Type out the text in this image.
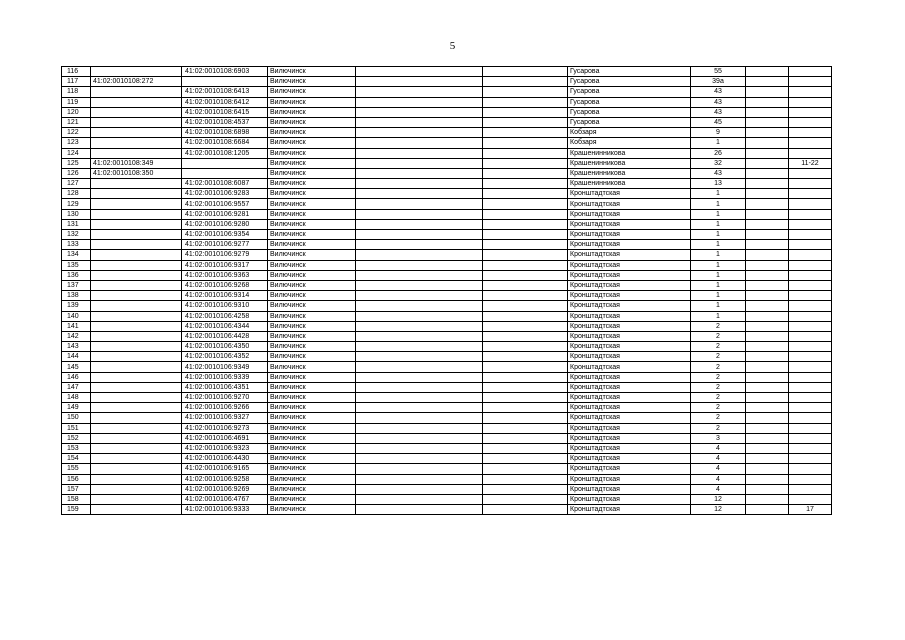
5
116		41:02:0010108:6903	Вилючинск			Гусарова	55		
117	41:02:0010108:272		Вилючинск			Гусарова	39а		
118		41:02:0010108:6413	Вилючинск			Гусарова	43		
119		41:02:0010108:6412	Вилючинск			Гусарова	43		
120		41:02:0010108:6415	Вилючинск			Гусарова	43		
121		41:02:0010108:4537	Вилючинск			Гусарова	45		
122		41:02:0010108:6898	Вилючинск			Кобзаря	9		
123		41:02:0010108:6684	Вилючинск			Кобзаря	1		
124		41:02:0010108:1205	Вилючинск			Крашенинникова	26		
125	41:02:0010108:349		Вилючинск			Крашенинникова	32		11-22
126	41:02:0010108:350		Вилючинск			Крашенинникова	43		
127		41:02:0010108:6087	Вилючинск			Крашенинникова	13		
128		41:02:0010106:9283	Вилючинск			Кронштадтская	1		
129		41:02:0010106:9557	Вилючинск			Кронштадтская	1		
130		41:02:0010106:9281	Вилючинск			Кронштадтская	1		
131		41:02:0010106:9280	Вилючинск			Кронштадтская	1		
132		41:02:0010106:9354	Вилючинск			Кронштадтская	1		
133		41:02:0010106:9277	Вилючинск			Кронштадтская	1		
134		41:02:0010106:9279	Вилючинск			Кронштадтская	1		
135		41:02:0010106:9317	Вилючинск			Кронштадтская	1		
136		41:02:0010106:9363	Вилючинск			Кронштадтская	1		
137		41:02:0010106:9268	Вилючинск			Кронштадтская	1		
138		41:02:0010106:9314	Вилючинск			Кронштадтская	1		
139		41:02:0010106:9310	Вилючинск			Кронштадтская	1		
140		41:02:0010106:4258	Вилючинск			Кронштадтская	1		
141		41:02:0010106:4344	Вилючинск			Кронштадтская	2		
142		41:02:0010106:4428	Вилючинск			Кронштадтская	2		
143		41:02:0010106:4350	Вилючинск			Кронштадтская	2		
144		41:02:0010106:4352	Вилючинск			Кронштадтская	2		
145		41:02:0010106:9349	Вилючинск			Кронштадтская	2		
146		41:02:0010106:9339	Вилючинск			Кронштадтская	2		
147		41:02:0010106:4351	Вилючинск			Кронштадтская	2		
148		41:02:0010106:9270	Вилючинск			Кронштадтская	2		
149		41:02:0010106:9266	Вилючинск			Кронштадтская	2		
150		41:02:0010106:9327	Вилючинск			Кронштадтская	2		
151		41:02:0010106:9273	Вилючинск			Кронштадтская	2		
152		41:02:0010106:4691	Вилючинск			Кронштадтская	3		
153		41:02:0010106:9323	Вилючинск			Кронштадтская	4		
154		41:02:0010106:4430	Вилючинск			Кронштадтская	4		
155		41:02:0010106:9165	Вилючинск			Кронштадтская	4		
156		41:02:0010106:9258	Вилючинск			Кронштадтская	4		
157		41:02:0010106:9269	Вилючинск			Кронштадтская	4		
158		41:02:0010106:4767	Вилючинск			Кронштадтская	12		
159		41:02:0010106:9333	Вилючинск			Кронштадтская	12		17
